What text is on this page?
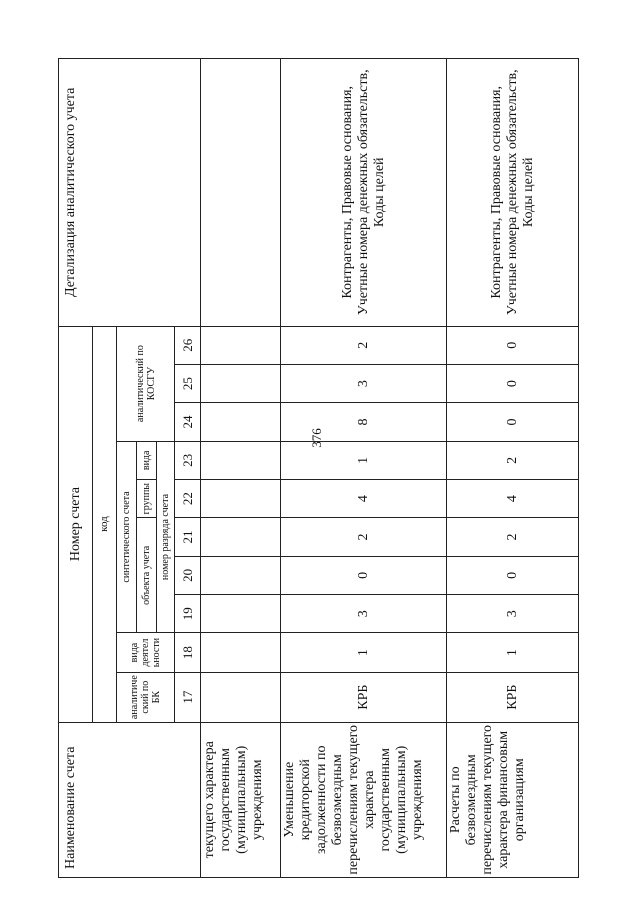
376
Наименование счета	Номер счета										Детализация аналитического учета
	код										
	аналитиче ский по БК	вида деятел ьности	синтетического счета					аналитический по КОСГУ			
			объекта учета			группы	вида				
			номер разряда счета								
	17	18	19	20	21	22	23	24	25	26	
текущего характера государственным (муниципальным) учреждениям											
Уменьшение кредиторской задолженности по безвозмездным перечислениям текущего характера государственным (муниципальным) учреждениям	КРБ	1	3	0	2	4	1	8	3	2	Контрагенты, Правовые основания, Учетные номера денежных обязательств, Коды целей
Расчеты по безвозмездным перечислениям текущего характера финансовым организациям	КРБ	1	3	0	2	4	2	0	0	0	Контрагенты, Правовые основания, Учетные номера денежных обязательств, Коды целей
